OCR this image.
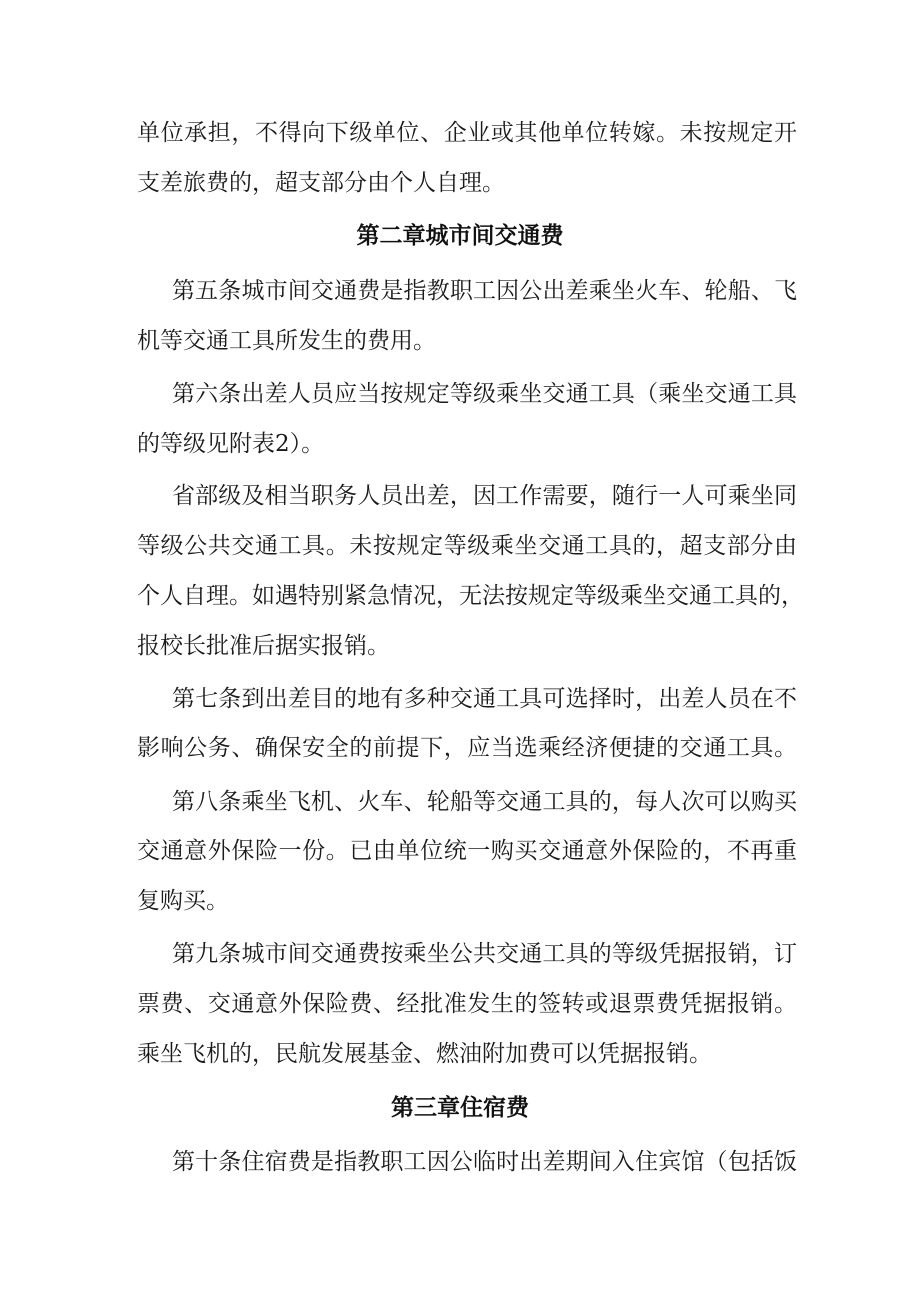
单位承担，不得向下级单位、企业或其他单位转嫁。未按规定开
支差旅费的，超支部分由个人自理。
第二章城市间交通费
第五条城市间交通费是指教职工因公出差乘坐火车、轮船、飞
机等交通工具所发生的费用。
第六条出差人员应当按规定等级乘坐交通工具（乘坐交通工具
的等级见附表2）。
省部级及相当职务人员出差，因工作需要，随行一人可乘坐同
等级公共交通工具。未按规定等级乘坐交通工具的，超支部分由
个人自理。如遇特别紧急情况，无法按规定等级乘坐交通工具的，
报校长批准后据实报销。
第七条到出差目的地有多种交通工具可选择时，出差人员在不
影响公务、确保安全的前提下，应当选乘经济便捷的交通工具。
第八条乘坐飞机、火车、轮船等交通工具的，每人次可以购买
交通意外保险一份。已由单位统一购买交通意外保险的，不再重
复购买。
第九条城市间交通费按乘坐公共交通工具的等级凭据报销，订
票费、交通意外保险费、经批准发生的签转或退票费凭据报销。
乘坐飞机的，民航发展基金、燃油附加费可以凭据报销。
第三章住宿费
第十条住宿费是指教职工因公临时出差期间入住宾馆（包括饭
